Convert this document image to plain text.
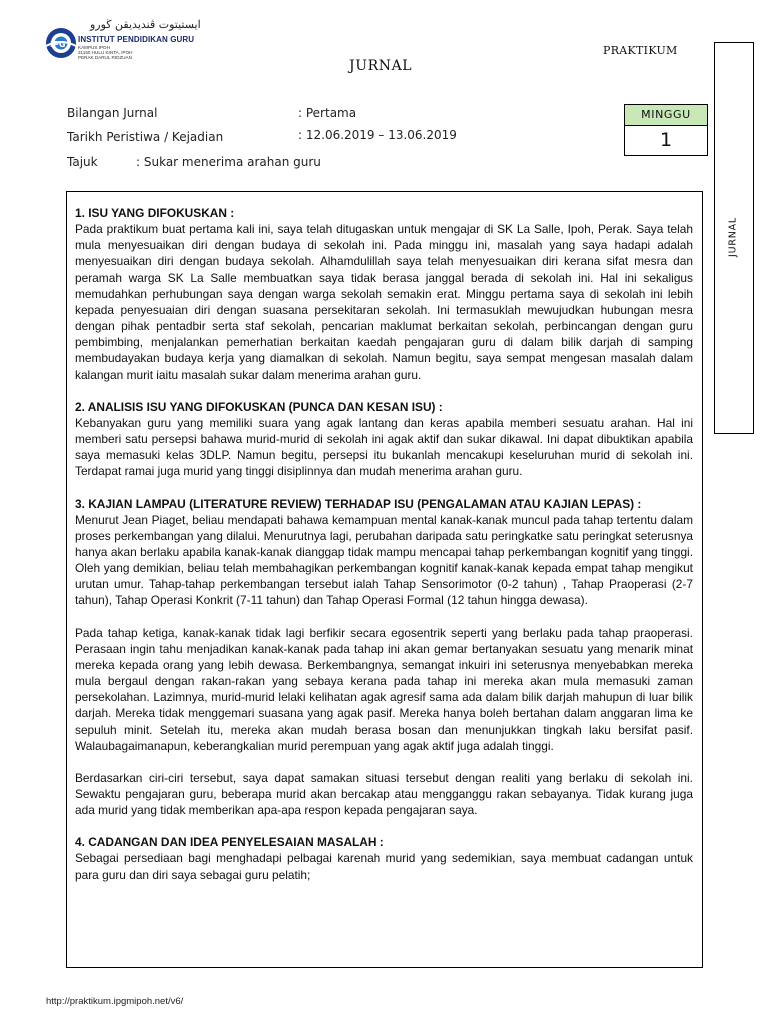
IPG
ايستيتوت ڤنديديقن ڬورو
INSTITUT PENDIDIKAN GURU
KAMPUS IPOH
31150 HULU KINTA, IPOH
PERAK DARUL RIDZUAN
PRAKTIKUM
JURNAL
JURNAL
Bilangan Jurnal	: Pertama
Tarikh Peristiwa / Kejadian	: 12.06.2019 – 13.06.2019
Tajuk	: Sukar menerima arahan guru
MINGGU
1
1. ISU YANG DIFOKUSKAN :

Pada praktikum buat pertama kali ini, saya telah ditugaskan untuk mengajar di SK La Salle, Ipoh, Perak. Saya telah mula menyesuaikan diri dengan budaya di sekolah ini. Pada minggu ini, masalah yang saya hadapi adalah menyesuaikan diri dengan budaya sekolah. Alhamdulillah saya telah menyesuaikan diri kerana sifat mesra dan peramah warga SK La Salle membuatkan saya tidak berasa janggal berada di sekolah ini. Hal ini sekaligus memudahkan perhubungan saya dengan warga sekolah semakin erat. Minggu pertama saya di sekolah ini lebih kepada penyesuaian diri dengan suasana persekitaran sekolah. Ini termasuklah mewujudkan hubungan mesra dengan pihak pentadbir serta staf sekolah, pencarian maklumat berkaitan sekolah, perbincangan dengan guru pembimbing, menjalankan pemerhatian berkaitan kaedah pengajaran guru di dalam bilik darjah di samping membudayakan budaya kerja yang diamalkan di sekolah. Namun begitu, saya sempat mengesan masalah dalam kalangan murit iaitu masalah sukar dalam menerima arahan guru.

2. ANALISIS ISU YANG DIFOKUSKAN (PUNCA DAN KESAN ISU) :

Kebanyakan guru yang memiliki suara yang agak lantang dan keras apabila memberi sesuatu arahan. Hal ini memberi satu persepsi bahawa murid-murid di sekolah ini agak aktif dan sukar dikawal. Ini dapat dibuktikan apabila saya memasuki kelas 3DLP. Namun begitu, persepsi itu bukanlah mencakupi keseluruhan murid di sekolah ini. Terdapat ramai juga murid yang tinggi disiplinnya dan mudah menerima arahan guru.

3. KAJIAN LAMPAU (LITERATURE REVIEW) TERHADAP ISU (PENGALAMAN ATAU KAJIAN LEPAS) :

Menurut Jean Piaget, beliau mendapati bahawa kemampuan mental kanak-kanak muncul pada tahap tertentu dalam proses perkembangan yang dilalui. Menurutnya lagi, perubahan daripada satu peringkatke satu peringkat seterusnya hanya akan berlaku apabila kanak-kanak dianggap tidak mampu mencapai tahap perkembangan kognitif yang tinggi. Oleh yang demikian, beliau telah membahagikan perkembangan kognitif kanak-kanak kepada empat tahap mengikut urutan umur. Tahap-tahap perkembangan tersebut ialah Tahap Sensorimotor (0-2 tahun) , Tahap Praoperasi (2-7 tahun), Tahap Operasi Konkrit (7-11 tahun) dan Tahap Operasi Formal (12 tahun hingga dewasa).

Pada tahap ketiga, kanak-kanak tidak lagi berfikir secara egosentrik seperti yang berlaku pada tahap praoperasi. Perasaan ingin tahu menjadikan kanak-kanak pada tahap ini akan gemar bertanyakan sesuatu yang menarik minat mereka kepada orang yang lebih dewasa. Berkembangnya, semangat inkuiri ini seterusnya menyebabkan mereka mula bergaul dengan rakan-rakan yang sebaya kerana pada tahap ini mereka akan mula memasuki zaman persekolahan. Lazimnya, murid-murid lelaki kelihatan agak agresif sama ada dalam bilik darjah mahupun di luar bilik darjah. Mereka tidak menggemari suasana yang agak pasif. Mereka hanya boleh bertahan dalam anggaran lima ke sepuluh minit. Setelah itu, mereka akan mudah berasa bosan dan menunjukkan tingkah laku bersifat pasif. Walaubagaimanapun, keberangkalian murid perempuan yang agak aktif juga adalah tinggi.

Berdasarkan ciri-ciri tersebut, saya dapat samakan situasi tersebut dengan realiti yang berlaku di sekolah ini. Sewaktu pengajaran guru, beberapa murid akan bercakap atau mengganggu rakan sebayanya. Tidak kurang juga ada murid yang tidak memberikan apa-apa respon kepada pengajaran saya.

4. CADANGAN DAN IDEA PENYELESAIAN MASALAH :

Sebagai persediaan bagi menghadapi pelbagai karenah murid yang sedemikian, saya membuat cadangan untuk para guru dan diri saya sebagai guru pelatih;

http://praktikum.ipgmipoh.net/v6/
